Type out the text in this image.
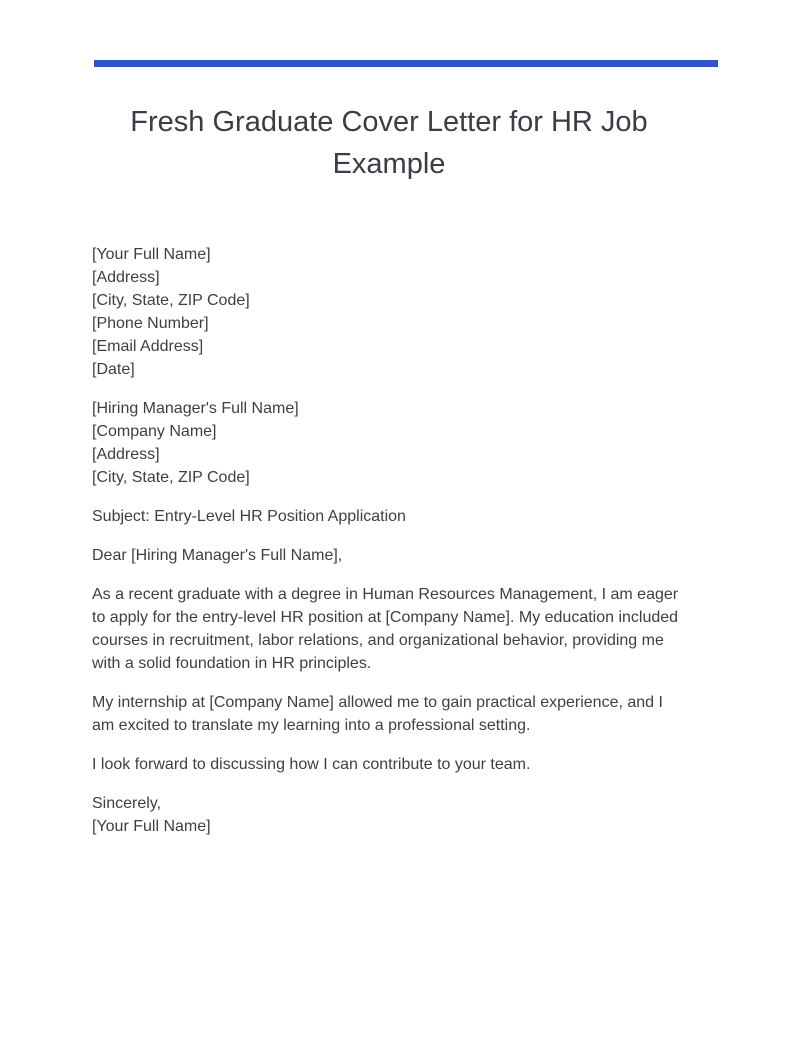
Fresh Graduate Cover Letter for HR Job Example
[Your Full Name]
[Address]
[City, State, ZIP Code]
[Phone Number]
[Email Address]
[Date]
[Hiring Manager's Full Name]
[Company Name]
[Address]
[City, State, ZIP Code]
Subject: Entry-Level HR Position Application
Dear [Hiring Manager's Full Name],
As a recent graduate with a degree in Human Resources Management, I am eager
to apply for the entry-level HR position at [Company Name]. My education included
courses in recruitment, labor relations, and organizational behavior, providing me
with a solid foundation in HR principles.
My internship at [Company Name] allowed me to gain practical experience, and I
am excited to translate my learning into a professional setting.
I look forward to discussing how I can contribute to your team.
Sincerely,
[Your Full Name]
